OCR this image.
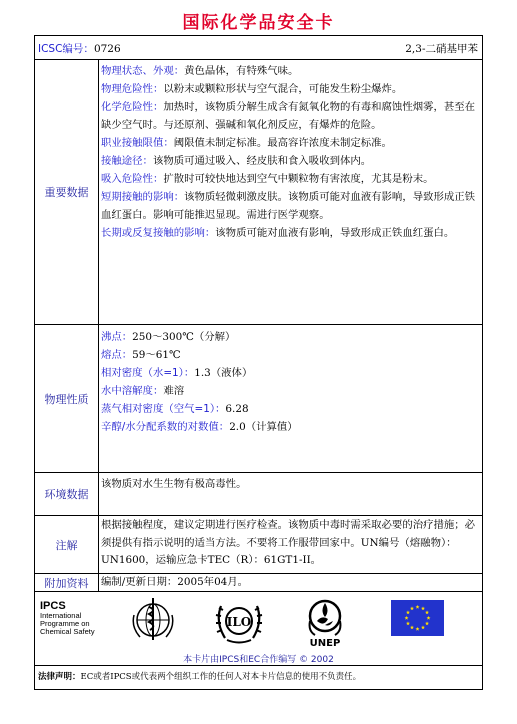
国际化学品安全卡
ICSC编号：0726	2,3-二硝基甲苯
重要数据
物理状态、外观：黄色晶体，有特殊气味。
物理危险性：以粉末或颗粒形状与空气混合，可能发生粉尘爆炸。
化学危险性：加热时，该物质分解生成含有氮氧化物的有毒和腐蚀性烟雾，甚至在缺少空气时。与还原剂、强碱和氧化剂反应，有爆炸的危险。
职业接触限值：阈限值未制定标准。最高容许浓度未制定标准。
接触途径：该物质可通过吸入、经皮肤和食入吸收到体内。
吸入危险性：扩散时可较快地达到空气中颗粒物有害浓度，尤其是粉末。
短期接触的影响：该物质轻微刺激皮肤。该物质可能对血液有影响，导致形成正铁血红蛋白。影响可能推迟显现。需进行医学观察。
长期或反复接触的影响：该物质可能对血液有影响，导致形成正铁血红蛋白。
物理性质
沸点：250～300℃（分解）
熔点：59～61℃
相对密度（水=1）：1.3（液体）
水中溶解度：难溶
蒸气相对密度（空气=1）：6.28
辛醇/水分配系数的对数值：2.0（计算值）
环境数据
该物质对水生生物有极高毒性。
注解
根据接触程度，建议定期进行医疗检查。该物质中毒时需采取必要的治疗措施；必须提供有指示说明的适当方法。不要将工作服带回家中。UN编号（熔融物）：UN1600，运输应急卡TEC（R）：61GT1-II。
附加资料	编制/更新日期：2005年04月。
IPCS
International
Programme on
Chemical Safety
ILO
UNEP
本卡片由IPCS和EC合作编写 © 2002
法律声明：EC或者IPCS或代表两个组织工作的任何人对本卡片信息的使用不负责任。
